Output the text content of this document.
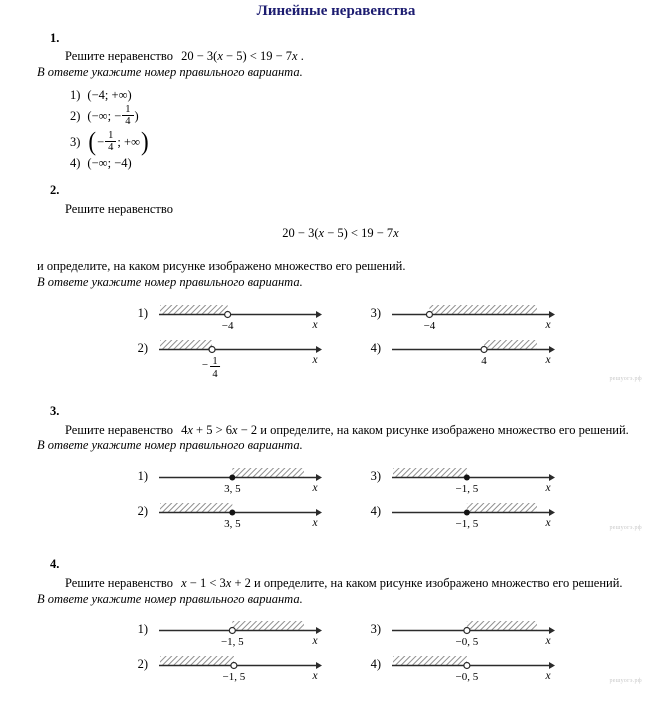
Линейные неравенства
1.
Решите неравенство 20 − 3(x − 5) < 19 − 7x .
В ответе укажите номер правильного варианта.
1) (−4; +∞)
2) (−∞; − $\frac{1}{4}$ )
3) ( − $\frac{1}{4}$ ; +∞ )
4) (−∞; −4)
2.
Решите неравенство
20 − 3(x − 5) < 19 − 7x
и определите, на каком рисунке изображено множество его решений.
В ответе укажите номер правильного варианта.
1)
−4	x
3)
−4	x
2)
− 1
4
x
4)
4	x
решуогэ.рф
3.
Решите неравенство 4x + 5 > 6x − 2 и определите, на каком рисунке изображено множество его решений.
В ответе укажите номер правильного варианта.
1)
3, 5	x
3)
−1, 5	x
2)
3, 5	x
4)
−1, 5	x	решуогэ.рф
4.
Решите неравенство x − 1 < 3x + 2 и определите, на каком рисунке изображено множество его решений.
В ответе укажите номер правильного варианта.
1)
−1, 5	x
3)
−0, 5	x
2)
−1, 5	x
4)
−0, 5	x	решуогэ.рф
